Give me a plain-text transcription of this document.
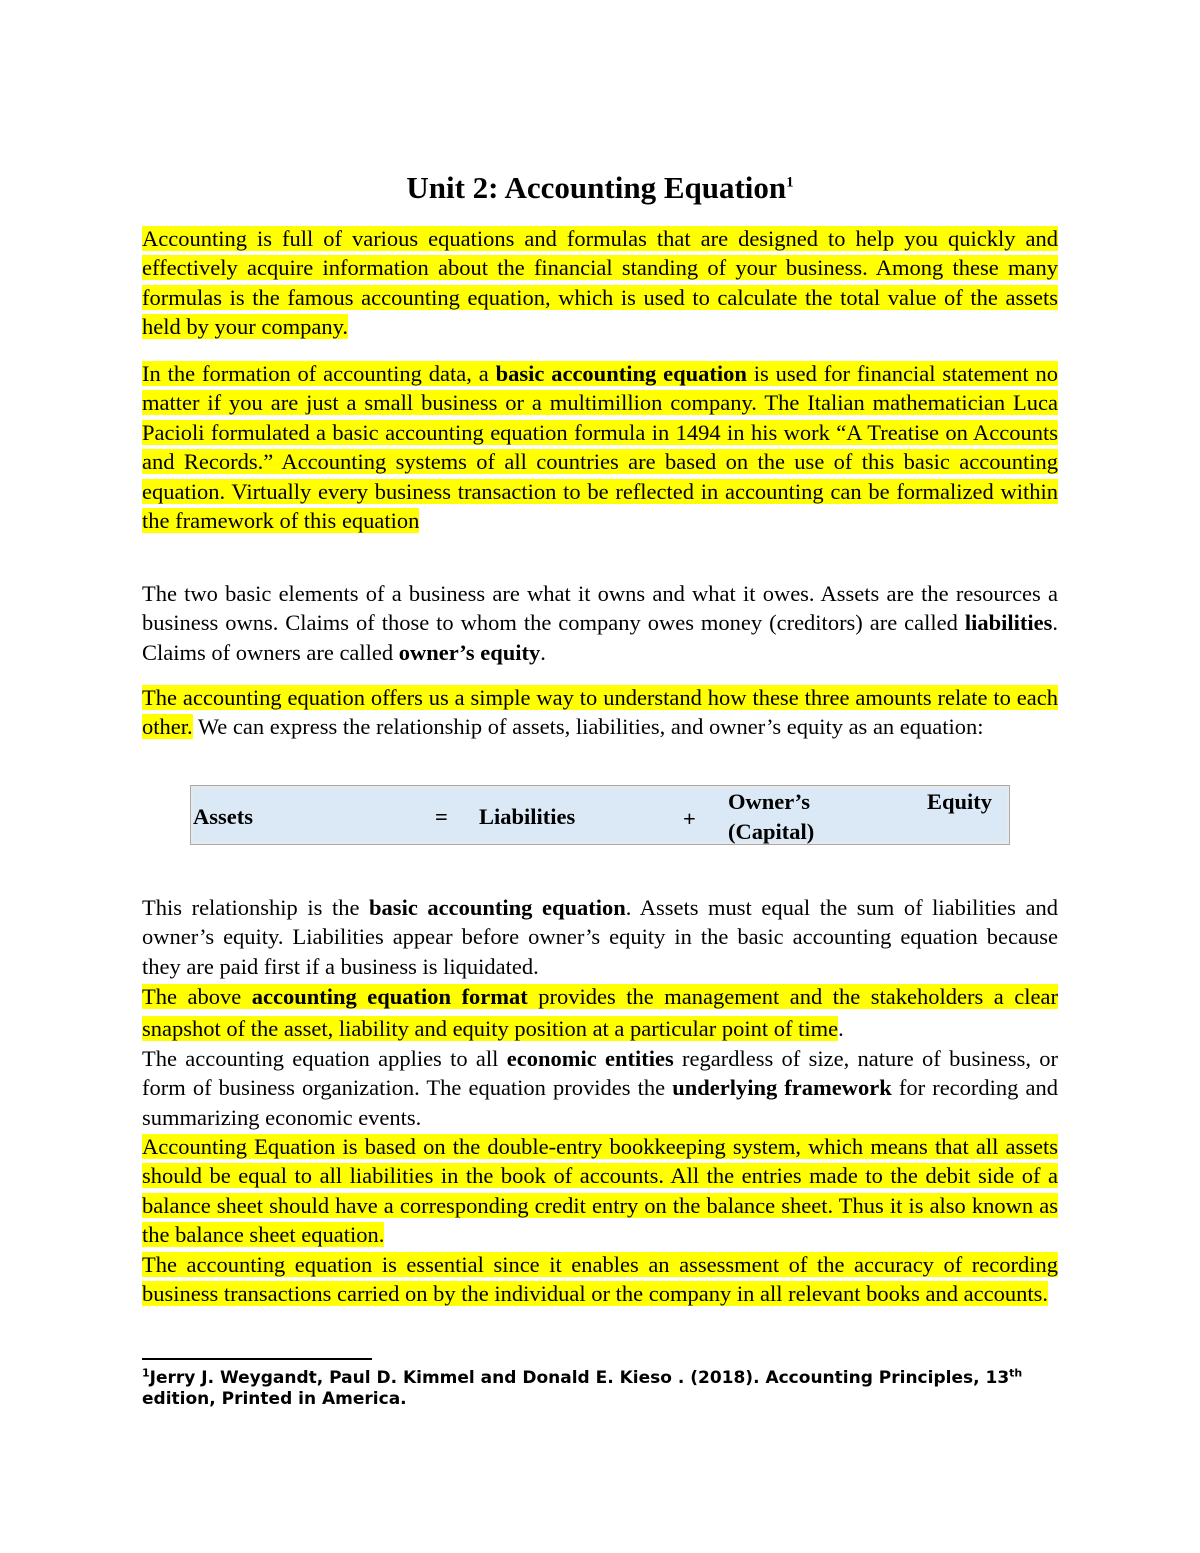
Unit 2: Accounting Equation$^1$

Accounting is full of various equations and formulas that are designed to help you quickly and effectively acquire information about the financial standing of your business. Among these many formulas is the famous accounting equation, which is used to calculate the total value of the assets held by your company.

In the formation of accounting data, a basic accounting equation is used for financial statement no matter if you are just a small business or a multimillion company. The Italian mathematician Luca Pacioli formulated a basic accounting equation formula in 1494 in his work “A Treatise on Accounts and Records.” Accounting systems of all countries are based on the use of this basic accounting equation. Virtually every business transaction to be reflected in accounting can be formalized within the framework of this equation

The two basic elements of a business are what it owns and what it owes. Assets are the resources a business owns. Claims of those to whom the company owes money (creditors) are called liabilities. Claims of owners are called owner’s equity.

The accounting equation offers us a simple way to understand how these three amounts relate to each other. We can express the relationship of assets, liabilities, and owner’s equity as an equation:

Assets	= Liabilities	+
Owner’s	Equity
(Capital)

This relationship is the basic accounting equation. Assets must equal the sum of liabilities and owner’s equity. Liabilities appear before owner’s equity in the basic accounting equation because they are paid first if a business is liquidated.

The above accounting equation format provides the management and the stakeholders a clear snapshot of the asset, liability and equity position at a particular point of time.

The accounting equation applies to all economic entities regardless of size, nature of business, or form of business organization. The equation provides the underlying framework for recording and summarizing economic events.

Accounting Equation is based on the double-entry bookkeeping system, which means that all assets should be equal to all liabilities in the book of accounts. All the entries made to the debit side of a balance sheet should have a corresponding credit entry on the balance sheet. Thus it is also known as the balance sheet equation.

The accounting equation is essential since it enables an assessment of the accuracy of recording business transactions carried on by the individual or the company in all relevant books and accounts.

$^1$Jerry J. Weygandt, Paul D. Kimmel and Donald E. Kieso . (2018). Accounting Principles, 13th
edition, Printed in America.
